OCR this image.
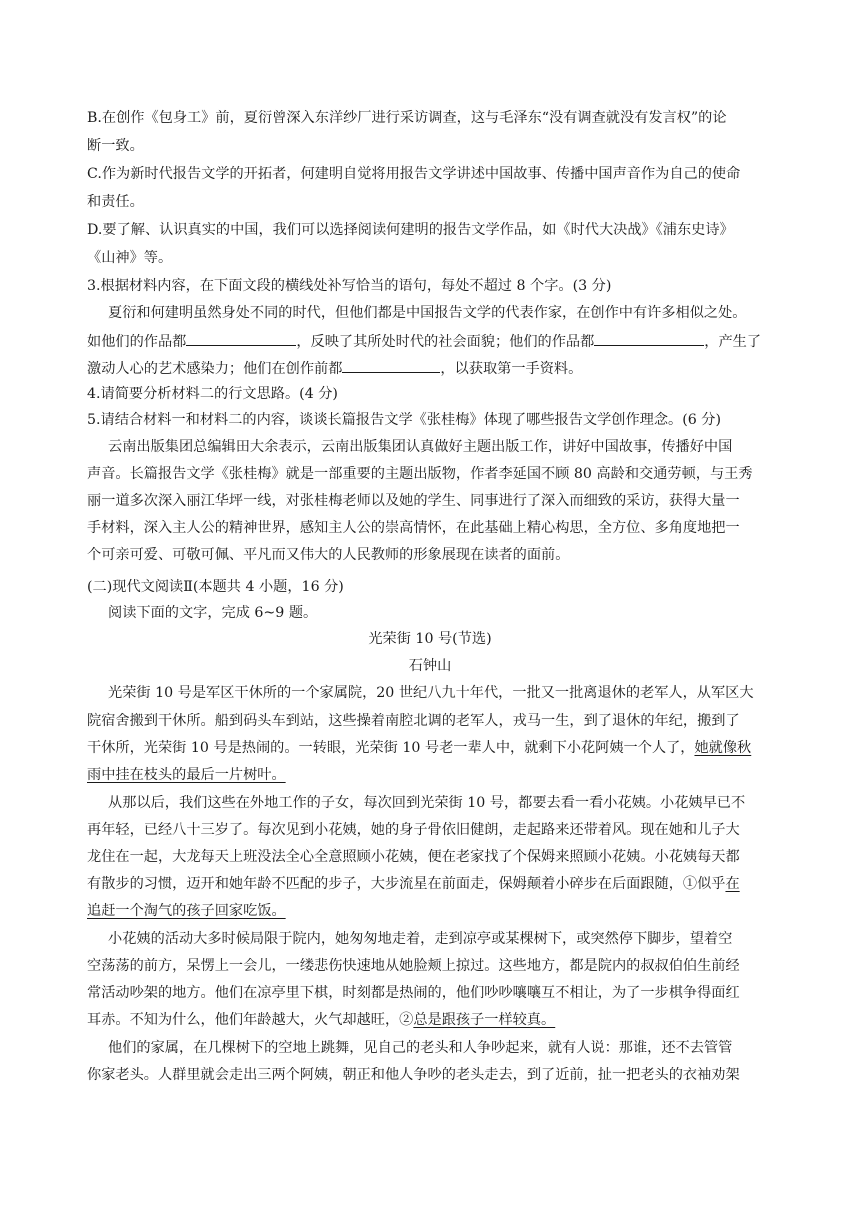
B.在创作《包身工》前，夏衍曾深入东洋纱厂进行采访调查，这与毛泽东“没有调查就没有发言权”的论
断一致。
C.作为新时代报告文学的开拓者，何建明自觉将用报告文学讲述中国故事、传播中国声音作为自己的使命
和责任。
D.要了解、认识真实的中国，我们可以选择阅读何建明的报告文学作品，如《时代大决战》《浦东史诗》
《山神》等。
3.根据材料内容，在下面文段的横线处补写恰当的语句，每处不超过 8 个字。(3 分)
夏衍和何建明虽然身处不同的时代，但他们都是中国报告文学的代表作家，在创作中有许多相似之处。
如他们的作品都	，反映了其所处时代的社会面貌；他们的作品都	，产生了
激动人心的艺术感染力；他们在创作前都	，以获取第一手资料。
4.请简要分析材料二的行文思路。(4 分)
5.请结合材料一和材料二的内容，谈谈长篇报告文学《张桂梅》体现了哪些报告文学创作理念。(6 分)
云南出版集团总编辑田大余表示，云南出版集团认真做好主题出版工作，讲好中国故事，传播好中国
声音。长篇报告文学《张桂梅》就是一部重要的主题出版物，作者李延国不顾 80 高龄和交通劳顿，与王秀
丽一道多次深入丽江华坪一线，对张桂梅老师以及她的学生、同事进行了深入而细致的采访，获得大量一
手材料，深入主人公的精神世界，感知主人公的崇高情怀，在此基础上精心构思，全方位、多角度地把一
个可亲可爱、可敬可佩、平凡而又伟大的人民教师的形象展现在读者的面前。
(二)现代文阅读Ⅱ(本题共 4 小题，16 分)
阅读下面的文字，完成 6~9 题。
光荣街 10 号(节选)
石钟山
光荣街 10 号是军区干休所的一个家属院，20 世纪八九十年代，一批又一批离退休的老军人，从军区大
院宿舍搬到干休所。船到码头车到站，这些操着南腔北调的老军人，戎马一生，到了退休的年纪，搬到了
干休所，光荣街 10 号是热闹的。一转眼，光荣街 10 号老一辈人中，就剩下小花阿姨一个人了，她就像秋
雨中挂在枝头的最后一片树叶。
从那以后，我们这些在外地工作的子女，每次回到光荣街 10 号，都要去看一看小花姨。小花姨早已不
再年轻，已经八十三岁了。每次见到小花姨，她的身子骨依旧健朗，走起路来还带着风。现在她和儿子大
龙住在一起，大龙每天上班没法全心全意照顾小花姨，便在老家找了个保姆来照顾小花姨。小花姨每天都
有散步的习惯，迈开和她年龄不匹配的步子，大步流星在前面走，保姆颠着小碎步在后面跟随，①似乎在
追赶一个淘气的孩子回家吃饭。
小花姨的活动大多时候局限于院内，她匆匆地走着，走到凉亭或某棵树下，或突然停下脚步，望着空
空荡荡的前方，呆愣上一会儿，一缕悲伤快速地从她脸颊上掠过。这些地方，都是院内的叔叔伯伯生前经
常活动吵架的地方。他们在凉亭里下棋，时刻都是热闹的，他们吵吵嚷嚷互不相让，为了一步棋争得面红
耳赤。不知为什么，他们年龄越大，火气却越旺，②总是跟孩子一样较真。
他们的家属，在几棵树下的空地上跳舞，见自己的老头和人争吵起来，就有人说：那谁，还不去管管
你家老头。人群里就会走出三两个阿姨，朝正和他人争吵的老头走去，到了近前，扯一把老头的衣袖劝架
